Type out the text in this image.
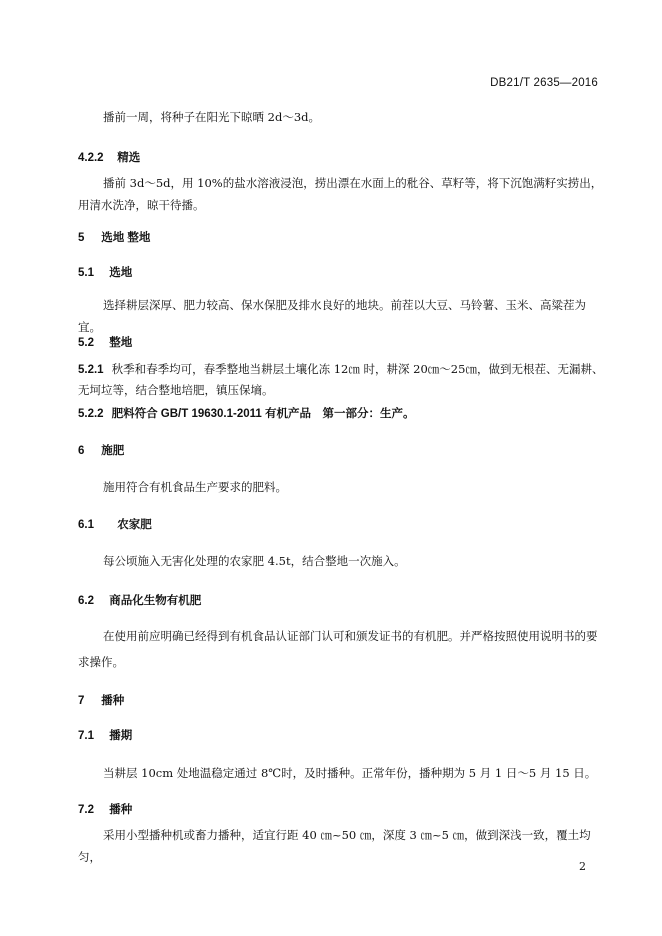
DB21/T 2635—2016
播前一周，将种子在阳光下晾晒 2d～3d。
4.2.2 精选
播前 3d～5d，用 10%的盐水溶液浸泡，捞出漂在水面上的秕谷、草籽等，将下沉饱满籽实捞出，用清水洗净，晾干待播。
5 选地 整地
5.1 选地
选择耕层深厚、肥力较高、保水保肥及排水良好的地块。前茬以大豆、马铃薯、玉米、高粱茬为宜。
5.2 整地
5.2.1 秋季和春季均可，春季整地当耕层土壤化冻 12㎝ 时，耕深 20㎝～25㎝，做到无根茬、无漏耕、无坷垃等，结合整地培肥，镇压保墒。
5.2.2 肥料符合 GB/T 19630.1-2011 有机产品　第一部分：生产。
6 施肥
施用符合有机食品生产要求的肥料。
6.1 农家肥
每公顷施入无害化处理的农家肥 4.5t，结合整地一次施入。
6.2 商品化生物有机肥
在使用前应明确已经得到有机食品认证部门认可和颁发证书的有机肥。并严格按照使用说明书的要求操作。
7 播种
7.1 播期
当耕层 10cm 处地温稳定通过 8℃时，及时播种。正常年份，播种期为 5 月 1 日～5 月 15 日。
7.2 播种
采用小型播种机或畜力播种，适宜行距 40 ㎝~50 ㎝，深度 3 ㎝~5 ㎝，做到深浅一致，覆土均匀，
2
